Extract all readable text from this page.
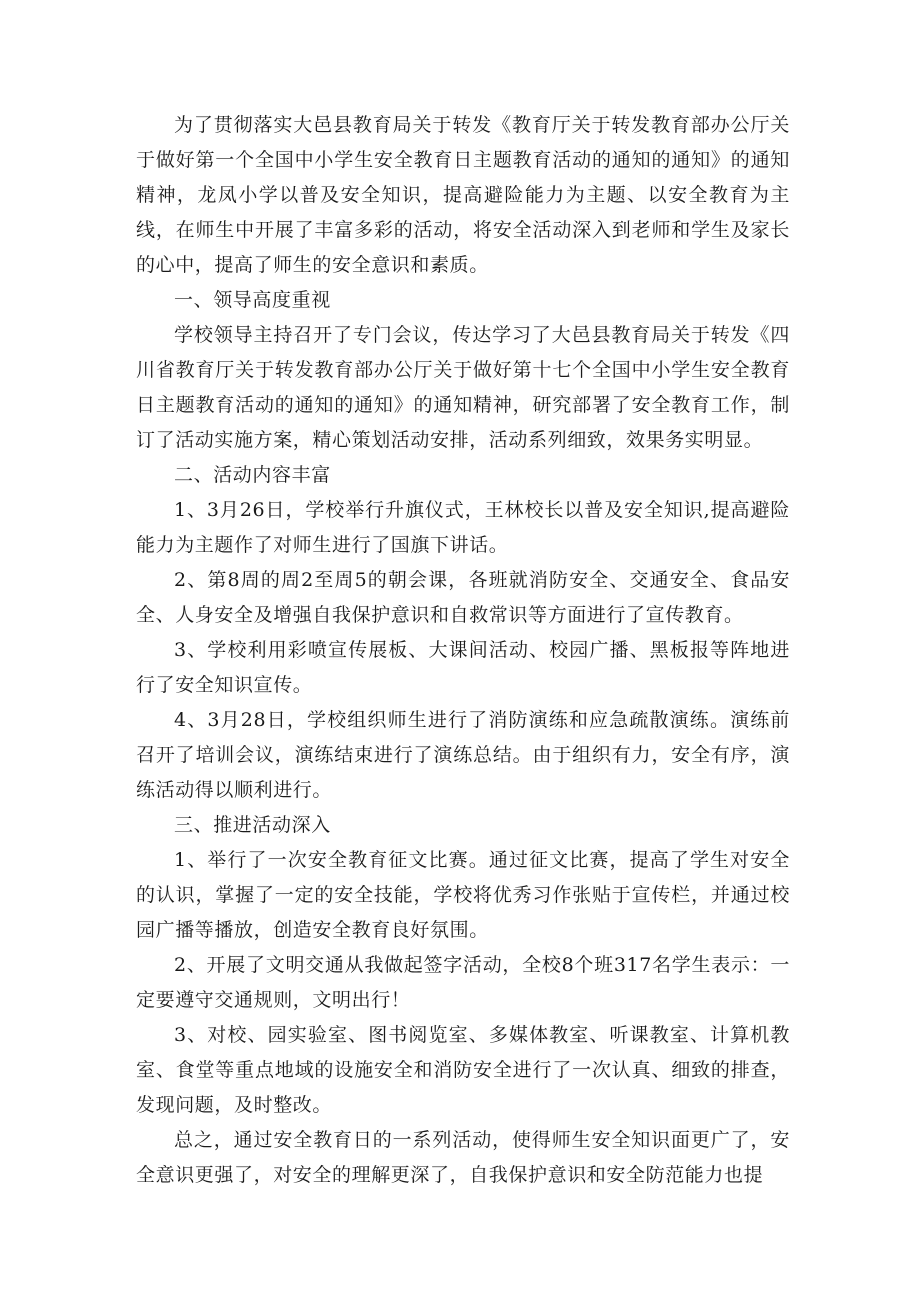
为了贯彻落实大邑县教育局关于转发《教育厅关于转发教育部办公厅关于做好第一个全国中小学生安全教育日主题教育活动的通知的通知》的通知精神，龙凤小学以普及安全知识，提高避险能力为主题、以安全教育为主线，在师生中开展了丰富多彩的活动，将安全活动深入到老师和学生及家长的心中，提高了师生的安全意识和素质。

一、领导高度重视

学校领导主持召开了专门会议，传达学习了大邑县教育局关于转发《四川省教育厅关于转发教育部办公厅关于做好第十七个全国中小学生安全教育日主题教育活动的通知的通知》的通知精神，研究部署了安全教育工作，制订了活动实施方案，精心策划活动安排，活动系列细致，效果务实明显。

二、活动内容丰富

1、3月26日，学校举行升旗仪式，王林校长以普及安全知识,提高避险能力为主题作了对师生进行了国旗下讲话。

2、第8周的周2至周5的朝会课，各班就消防安全、交通安全、食品安全、人身安全及增强自我保护意识和自救常识等方面进行了宣传教育。

3、学校利用彩喷宣传展板、大课间活动、校园广播、黑板报等阵地进行了安全知识宣传。

4、3月28日，学校组织师生进行了消防演练和应急疏散演练。演练前召开了培训会议，演练结束进行了演练总结。由于组织有力，安全有序，演练活动得以顺利进行。

三、推进活动深入

1、举行了一次安全教育征文比赛。通过征文比赛，提高了学生对安全的认识，掌握了一定的安全技能，学校将优秀习作张贴于宣传栏，并通过校园广播等播放，创造安全教育良好氛围。

2、开展了文明交通从我做起签字活动，全校8个班317名学生表示：一定要遵守交通规则，文明出行！

3、对校、园实验室、图书阅览室、多媒体教室、听课教室、计算机教室、食堂等重点地域的设施安全和消防安全进行了一次认真、细致的排查，发现问题，及时整改。

总之，通过安全教育日的一系列活动，使得师生安全知识面更广了，安全意识更强了，对安全的理解更深了，自我保护意识和安全防范能力也提
